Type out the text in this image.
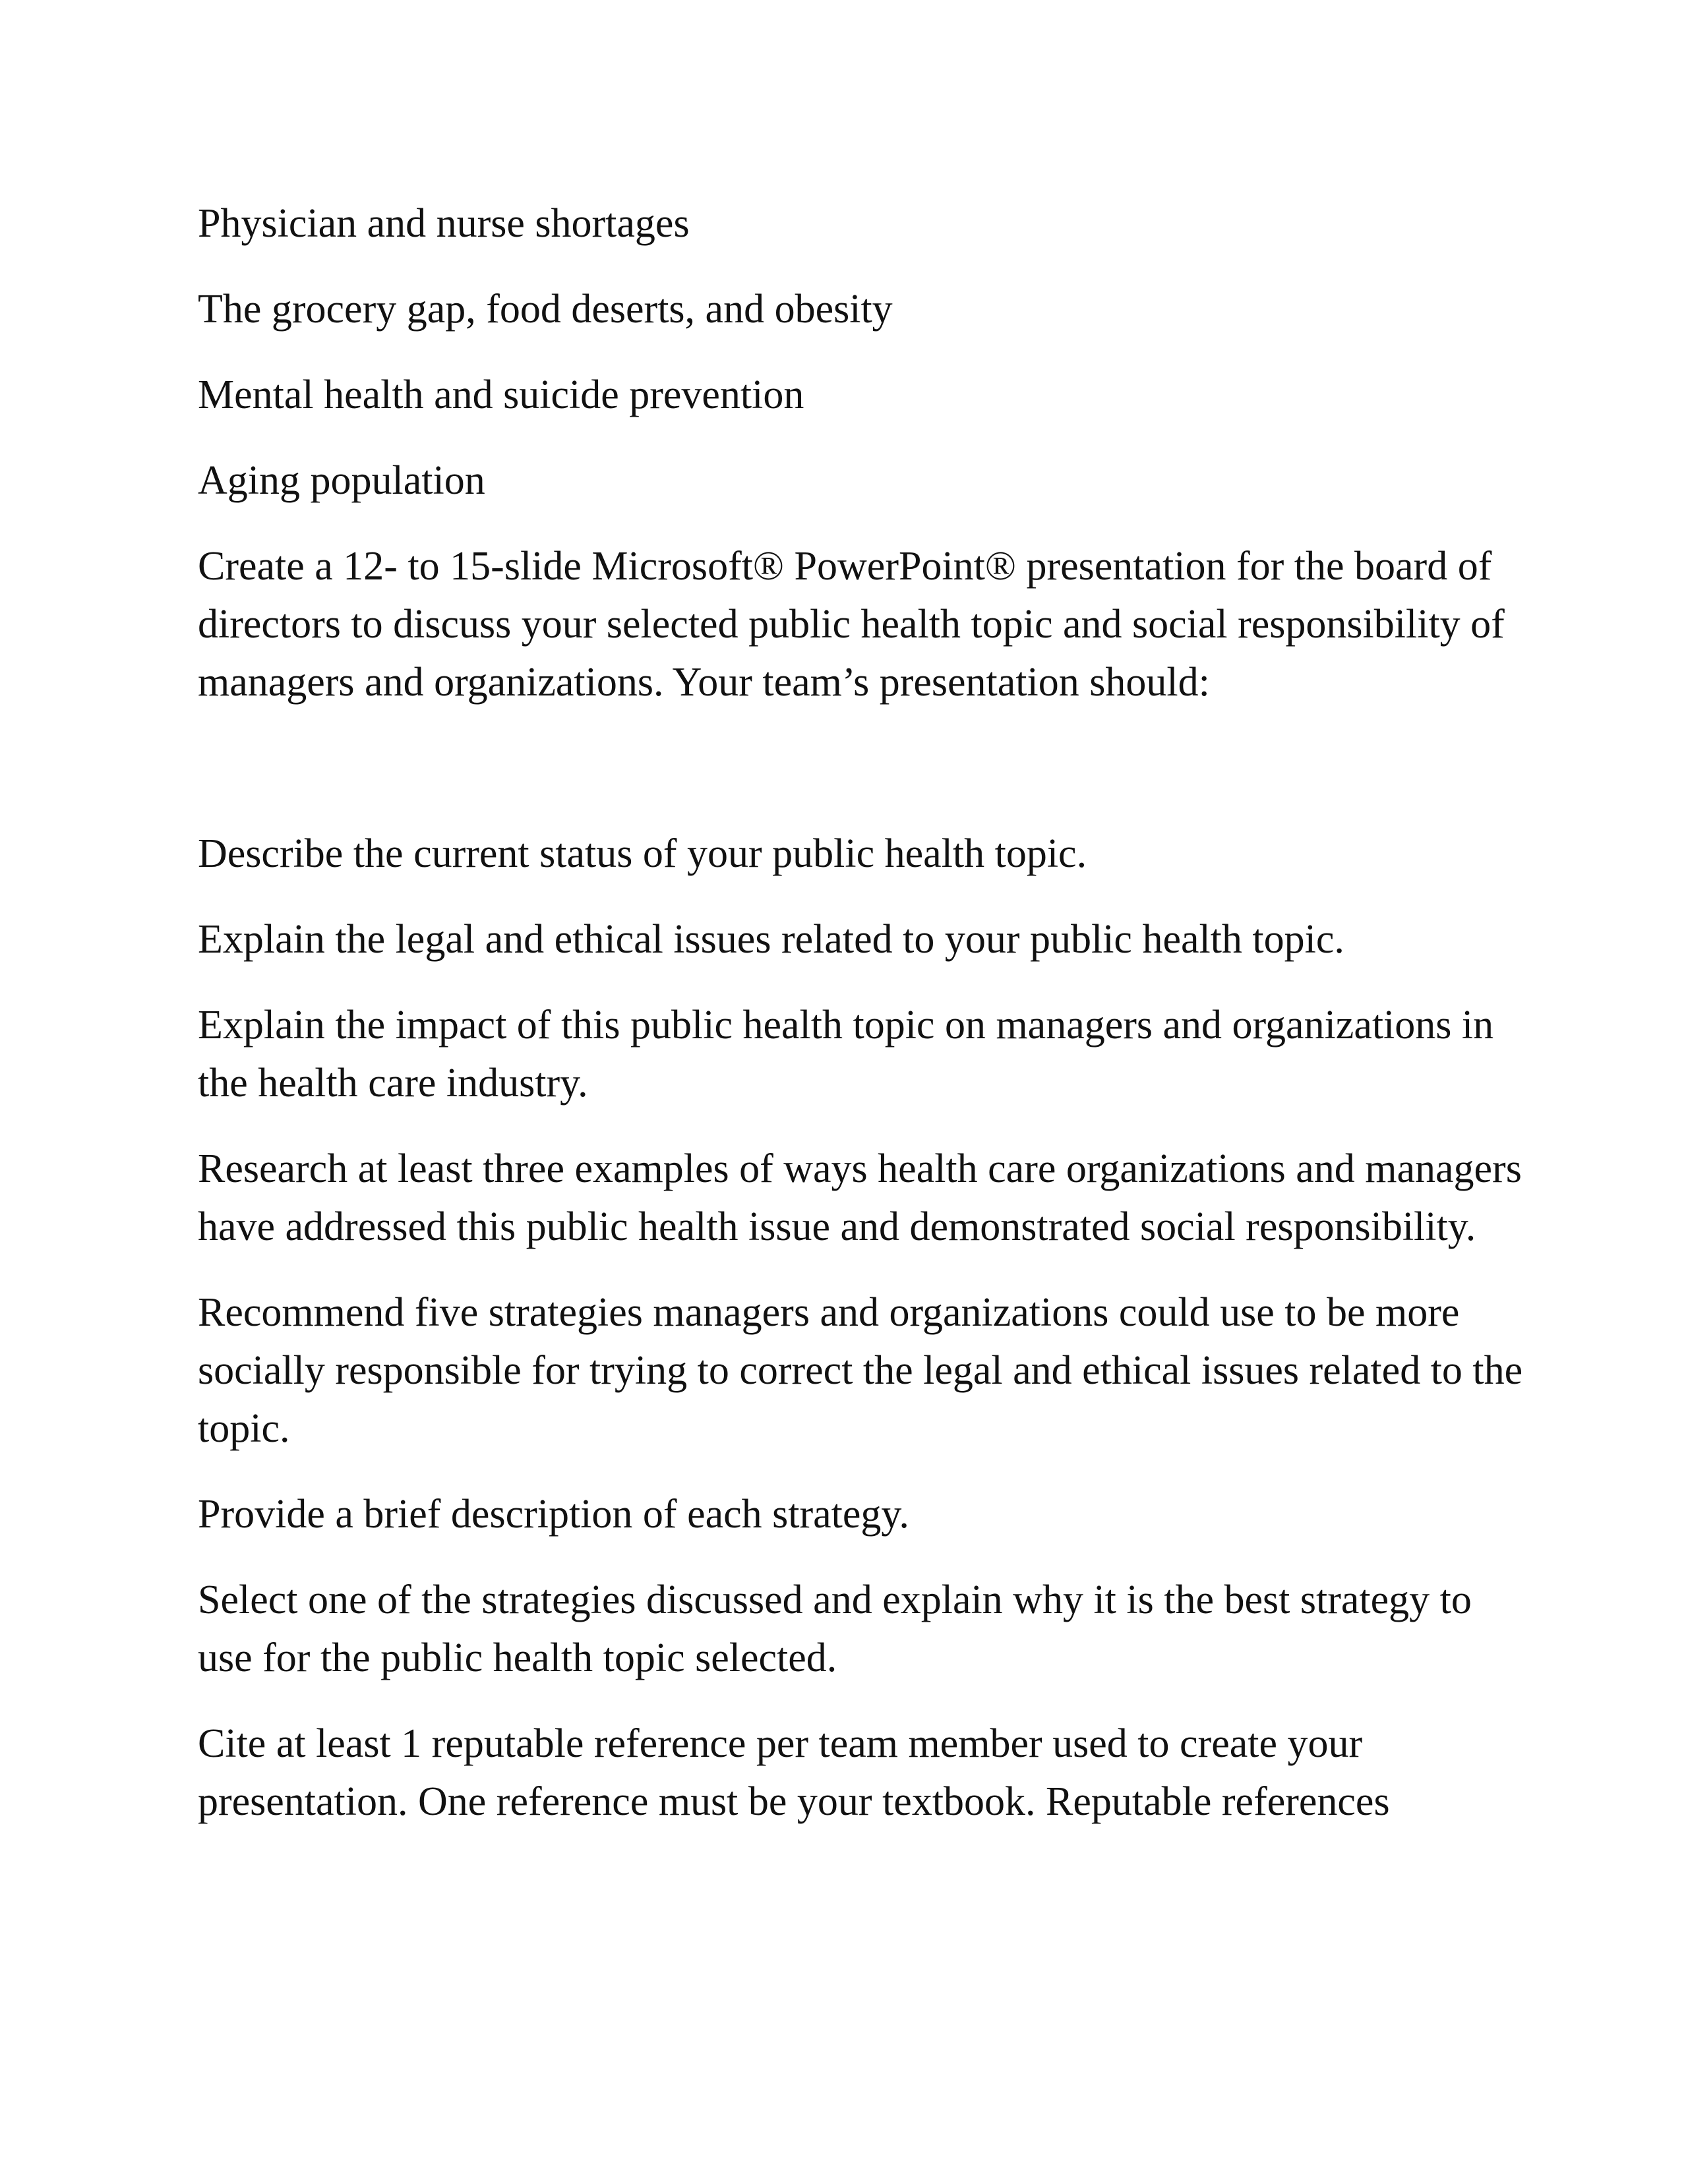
Physician and nurse shortages

The grocery gap, food deserts, and obesity

Mental health and suicide prevention

Aging population

Create a 12- to 15-slide Microsoft® PowerPoint® presentation for the board of directors to discuss your selected public health topic and social responsibility of managers and organizations. Your team’s presentation should:

Describe the current status of your public health topic.

Explain the legal and ethical issues related to your public health topic.

Explain the impact of this public health topic on managers and organizations in the health care industry.

Research at least three examples of ways health care organizations and managers have addressed this public health issue and demonstrated social responsibility.

Recommend five strategies managers and organizations could use to be more socially responsible for trying to correct the legal and ethical issues related to the topic.

Provide a brief description of each strategy.

Select one of the strategies discussed and explain why it is the best strategy to use for the public health topic selected.

Cite at least 1 reputable reference per team member used to create your presentation. One reference must be your textbook. Reputable references
